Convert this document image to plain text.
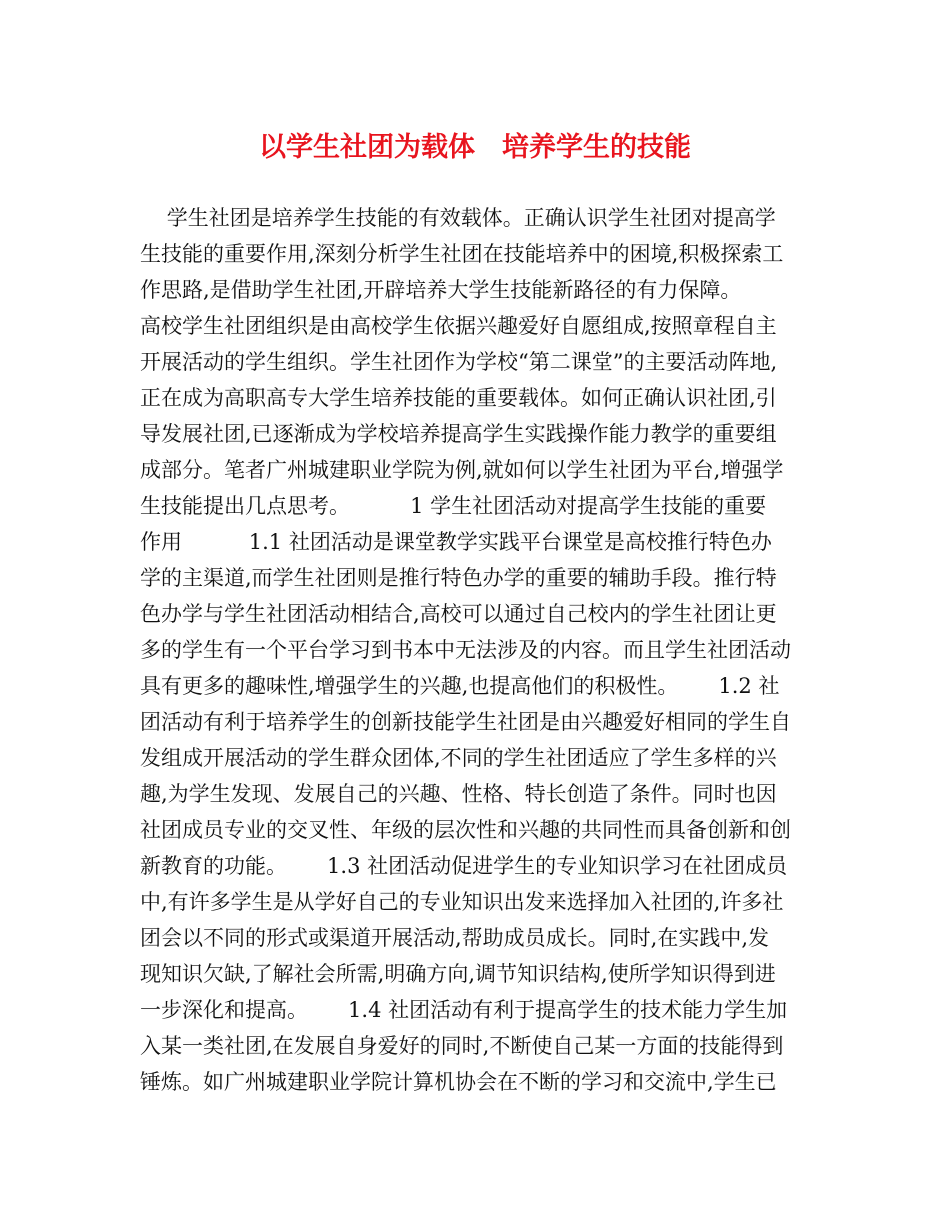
以学生社团为载体　培养学生的技能
学生社团是培养学生技能的有效载体。正确认识学生社团对提高学
生技能的重要作用,深刻分析学生社团在技能培养中的困境,积极探索工
作思路,是借助学生社团,开辟培养大学生技能新路径的有力保障。
高校学生社团组织是由高校学生依据兴趣爱好自愿组成,按照章程自主
开展活动的学生组织。学生社团作为学校“第二课堂”的主要活动阵地,
正在成为高职高专大学生培养技能的重要载体。如何正确认识社团,引
导发展社团,已逐渐成为学校培养提高学生实践操作能力教学的重要组
成部分。笔者广州城建职业学院为例,就如何以学生社团为平台,增强学
生技能提出几点思考。         1 学生社团活动对提高学生技能的重要
作用          1.1 社团活动是课堂教学实践平台课堂是高校推行特色办
学的主渠道,而学生社团则是推行特色办学的重要的辅助手段。推行特
色办学与学生社团活动相结合,高校可以通过自己校内的学生社团让更
多的学生有一个平台学习到书本中无法涉及的内容。而且学生社团活动
具有更多的趣味性,增强学生的兴趣,也提高他们的积极性。      1.2 社
团活动有利于培养学生的创新技能学生社团是由兴趣爱好相同的学生自
发组成开展活动的学生群众团体,不同的学生社团适应了学生多样的兴
趣,为学生发现、发展自己的兴趣、性格、特长创造了条件。同时也因
社团成员专业的交叉性、年级的层次性和兴趣的共同性而具备创新和创
新教育的功能。      1.3 社团活动促进学生的专业知识学习在社团成员
中,有许多学生是从学好自己的专业知识出发来选择加入社团的,许多社
团会以不同的形式或渠道开展活动,帮助成员成长。同时,在实践中,发
现知识欠缺,了解社会所需,明确方向,调节知识结构,使所学知识得到进
一步深化和提高。      1.4 社团活动有利于提高学生的技术能力学生加
入某一类社团,在发展自身爱好的同时,不断使自己某一方面的技能得到
锤炼。如广州城建职业学院计算机协会在不断的学习和交流中,学生已
